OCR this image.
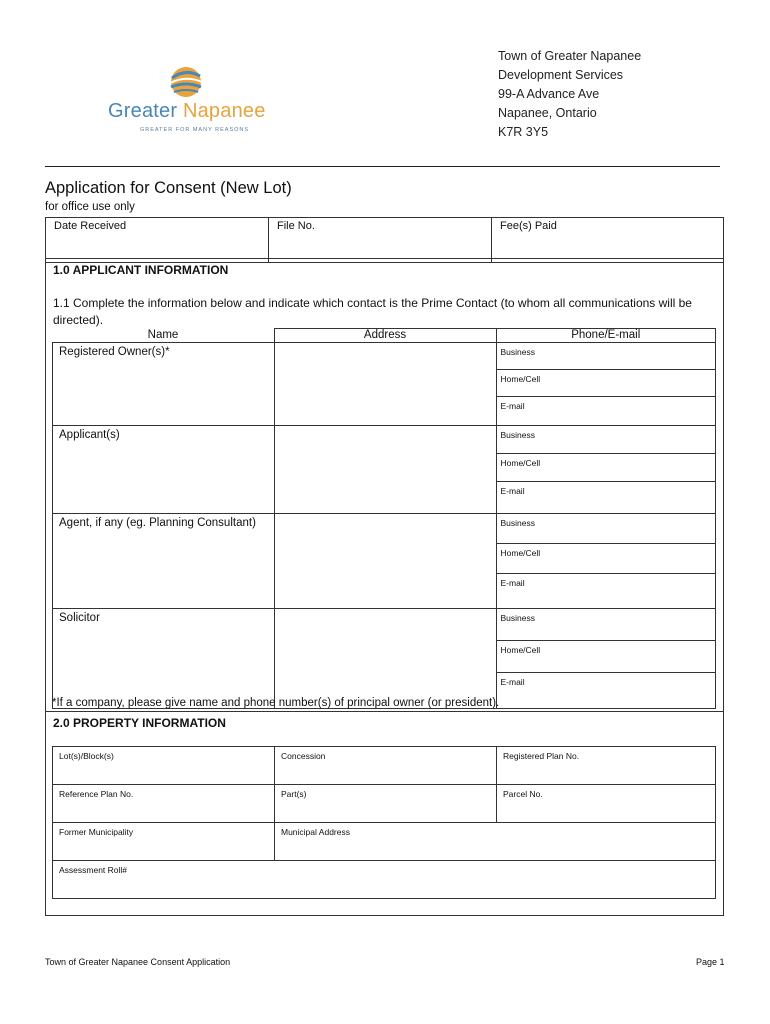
Greater Napanee
GREATER FOR MANY REASONS
Town of Greater Napanee
Development Services
99-A Advance Ave
Napanee, Ontario
K7R 3Y5
Application for Consent (New Lot)
for office use only
Date Received	File No.	Fee(s) Paid
1.0 APPLICANT INFORMATION
1.1 Complete the information below and indicate which contact is the Prime Contact (to whom all communications will be directed).
2.0 PROPERTY INFORMATION
Name	Address	Phone/E-mail
Registered Owner(s)*			Business
Home/Cell
E-mail

Applicant(s)			Business
Home/Cell
E-mail

Agent, if any (eg. Planning Consultant)			Business
Home/Cell
E-mail

Solicitor			Business
Home/Cell
E-mail
*If a company, please give name and phone number(s) of principal owner (or president).
Lot(s)/Block(s)	Concession	Registered Plan No.
Reference Plan No.	Part(s)	Parcel No.
Former Municipality	Municipal Address	
Assessment Roll#		
Town of Greater Napanee Consent Application	Page 1
